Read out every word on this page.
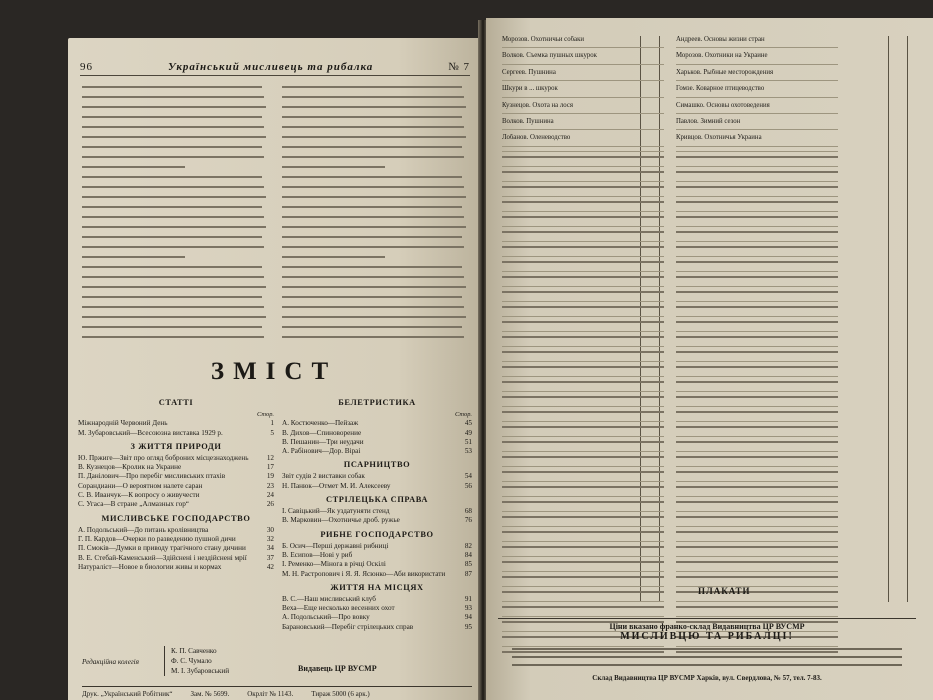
96	Український мисливець та рибалка	№ 7
ЗМІСТ
СТАТТІ
Стор.
Міжнародній Червоний День	1
М. Зубаровський—Всесоюзна виставка 1929 р.	5
З ЖИТТЯ ПРИРОДИ
Ю. Пржиге—Звіт про огляд боброних місцезнаходжень	12
В. Кузнецов—Кролик на Украине	17
П. Данілович—Про перебіг мисливських птахів	19
Сорандиани—О вероятном налете саран	23
С. В. Иванчук—К вопросу о живучести	24
С. Угаса—В стране „Алмазных гор“	26
МИСЛИВСЬКЕ ГОСПОДАРСТВО
А. Подольський—До питань кролівництва	30
Г. П. Кардов—Очерки по разведению пушной дичи	32
П. Смоків—Думки в приводу трагічного стану дичини	34
В. Е. Стебай-Каменський—Здійснені і нездійснені мрії	37
Натураліст—Новое в биологии живы и кормах	42
БЕЛЕТРИСТИКА
Стор.
А. Костюченко—Пейзаж	45
В. Дихов—Спиноворение	49
В. Пешанин—Три неудачи	51
А. Рабінович—Дор. Віраі	53
ПСАРНИЦТВО
Звіт судів 2 виставки собак	54
Н. Панюк—Отмет М. И. Алексееву	56
СТРІЛЕЦЬКА СПРАВА
І. Савіцький—Як уздатуняти стенд	68
В. Марковин—Охотничье дроб. ружье	76
РИБНЕ ГОСПОДАРСТВО
Б. Осич—Перші державні рибниці	82
В. Есипов—Нові у риб	84
І. Ременко—Мінога в річці Оскілі	85
М. Н. Растропович і Я. Я. Ясюнко—Аби використати	87
ЖИТТЯ НА МІСЦЯХ
В. С.—Наш мисливський клуб	91
Веха—Еще несколько весенних охот	93
А. Подольський—Про вовку	94
Барановський—Перебіг стрілецьких справ	95
Редакційна колегія
К. П. Савченко
Ф. С. Чумало
М. І. Зубаровський	Видавець ЦР ВУСМР
Друк. „Український Робітник“	Зам. № 5699.	Окрліт № 1143.	Тираж 5000 (6 арк.)
Морозов. Охотничьи собаки
Волков. Съемка пушных шкурок
Сергеев. Пушнина
Шкури в ... шкурок
Кузнецов. Охота на лося
Волков. Пушнина
Лобанов. Оленеводство
Андреев. Основы жизни стран
Морозов. Охотники на Украине
Харьков. Рыбные месторождения
Гомзе. Коварное птицеводство
Симашко. Основы охотоведения
Павлов. Зимний сезон
Кривцов. Охотничья Украина
ПЛАКАТИ
Ціни вказано франко-склад Видавництва ЦР ВУСМР
МИСЛИВЦЮ ТА РИБАЛЦІ!
Склад Видавництва ЦР ВУСМР Харків, вул. Свердлова, № 57, тел. 7-83.
